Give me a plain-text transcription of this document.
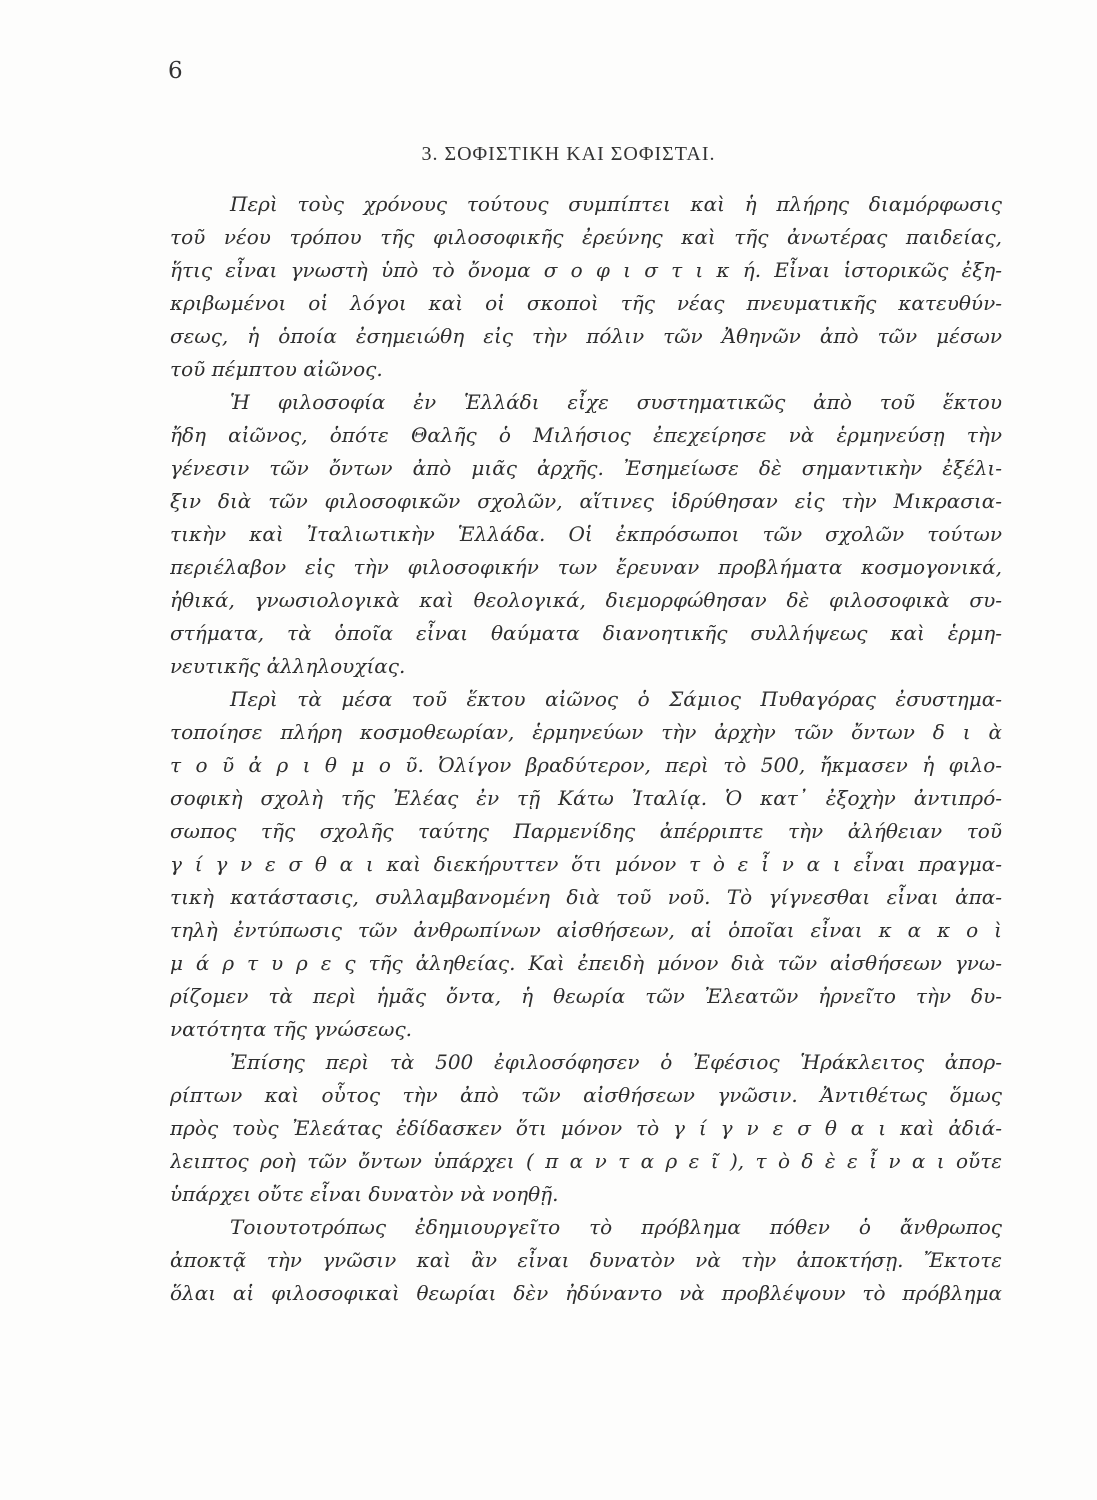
6
3. ΣΟΦΙΣΤΙΚΗ ΚΑΙ ΣΟΦΙΣΤΑΙ.
Περὶ τοὺς χρόνους τούτους συμπίπτει καὶ ἡ πλήρης διαμόρφωσις
τοῦ νέου τρόπου τῆς φιλοσοφικῆς ἐρεύνης καὶ τῆς ἀνωτέρας παιδείας,
ἥτις εἶναι γνωστὴ ὑπὸ τὸ ὄνομα σ ο φ ι σ τ ι κ ή. Εἶναι ἱστορικῶς ἐξη-
κριβωμένοι οἱ λόγοι καὶ οἱ σκοποὶ τῆς νέας πνευματικῆς κατευθύν-
σεως, ἡ ὁποία ἐσημειώθη εἰς τὴν πόλιν τῶν Ἀθηνῶν ἀπὸ τῶν μέσων
τοῦ πέμπτου αἰῶνος.
Ἡ φιλοσοφία ἐν Ἑλλάδι εἶχε συστηματικῶς ἀπὸ τοῦ ἕκτου
ἤδη αἰῶνος, ὁπότε Θαλῆς ὁ Μιλήσιος ἐπεχείρησε νὰ ἑρμηνεύσῃ τὴν
γένεσιν τῶν ὄντων ἀπὸ μιᾶς ἀρχῆς. Ἐσημείωσε δὲ σημαντικὴν ἐξέλι-
ξιν διὰ τῶν φιλοσοφικῶν σχολῶν, αἵτινες ἱδρύθησαν εἰς τὴν Μικρασια-
τικὴν καὶ Ἰταλιωτικὴν Ἑλλάδα. Οἱ ἐκπρόσωποι τῶν σχολῶν τούτων
περιέλαβον εἰς τὴν φιλοσοφικήν των ἔρευναν προβλήματα κοσμογονικά,
ἠθικά, γνωσιολογικὰ καὶ θεολογικά, διεμορφώθησαν δὲ φιλοσοφικὰ συ-
στήματα, τὰ ὁποῖα εἶναι θαύματα διανοητικῆς συλλήψεως καὶ ἑρμη-
νευτικῆς ἀλληλουχίας.
Περὶ τὰ μέσα τοῦ ἕκτου αἰῶνος ὁ Σάμιος Πυθαγόρας ἐσυστημα-
τοποίησε πλήρη κοσμοθεωρίαν, ἑρμηνεύων τὴν ἀρχὴν τῶν ὄντων δ ι ὰ
τ ο ῦ ἀ ρ ι θ μ ο ῦ. Ὀλίγον βραδύτερον, περὶ τὸ 500, ἤκμασεν ἡ φιλο-
σοφικὴ σχολὴ τῆς Ἐλέας ἐν τῇ Κάτω Ἰταλίᾳ. Ὁ κατ᾽ ἐξοχὴν ἀντιπρό-
σωπος τῆς σχολῆς ταύτης Παρμενίδης ἀπέρριπτε τὴν ἀλήθειαν τοῦ
γ ί γ ν ε σ θ α ι καὶ διεκήρυττεν ὅτι μόνον τ ὸ ε ἶ ν α ι εἶναι πραγμα-
τικὴ κατάστασις, συλλαμβανομένη διὰ τοῦ νοῦ. Τὸ γίγνεσθαι εἶναι ἀπα-
τηλὴ ἐντύπωσις τῶν ἀνθρωπίνων αἰσθήσεων, αἱ ὁποῖαι εἶναι κ α κ ο ὶ
μ ά ρ τ υ ρ ε ς τῆς ἀληθείας. Καὶ ἐπειδὴ μόνον διὰ τῶν αἰσθήσεων γνω-
ρίζομεν τὰ περὶ ἡμᾶς ὄντα, ἡ θεωρία τῶν Ἐλεατῶν ἠρνεῖτο τὴν δυ-
νατότητα τῆς γνώσεως.
Ἐπίσης περὶ τὰ 500 ἐφιλοσόφησεν ὁ Ἐφέσιος Ἡράκλειτος ἀπορ-
ρίπτων καὶ οὗτος τὴν ἀπὸ τῶν αἰσθήσεων γνῶσιν. Ἀντιθέτως ὅμως
πρὸς τοὺς Ἐλεάτας ἐδίδασκεν ὅτι μόνον τὸ γ ί γ ν ε σ θ α ι καὶ ἀδιά-
λειπτος ροὴ τῶν ὄντων ὑπάρχει ( π α ν τ α ρ ε ῖ ), τ ὸ δ ὲ ε ἶ ν α ι οὔτε
ὑπάρχει οὔτε εἶναι δυνατὸν νὰ νοηθῇ.
Τοιουτοτρόπως ἐδημιουργεῖτο τὸ πρόβλημα πόθεν ὁ ἄνθρωπος
ἀποκτᾷ τὴν γνῶσιν καὶ ἂν εἶναι δυνατὸν νὰ τὴν ἀποκτήσῃ. Ἔκτοτε
ὅλαι αἱ φιλοσοφικαὶ θεωρίαι δὲν ἠδύναντο νὰ προβλέψουν τὸ πρόβλημα
